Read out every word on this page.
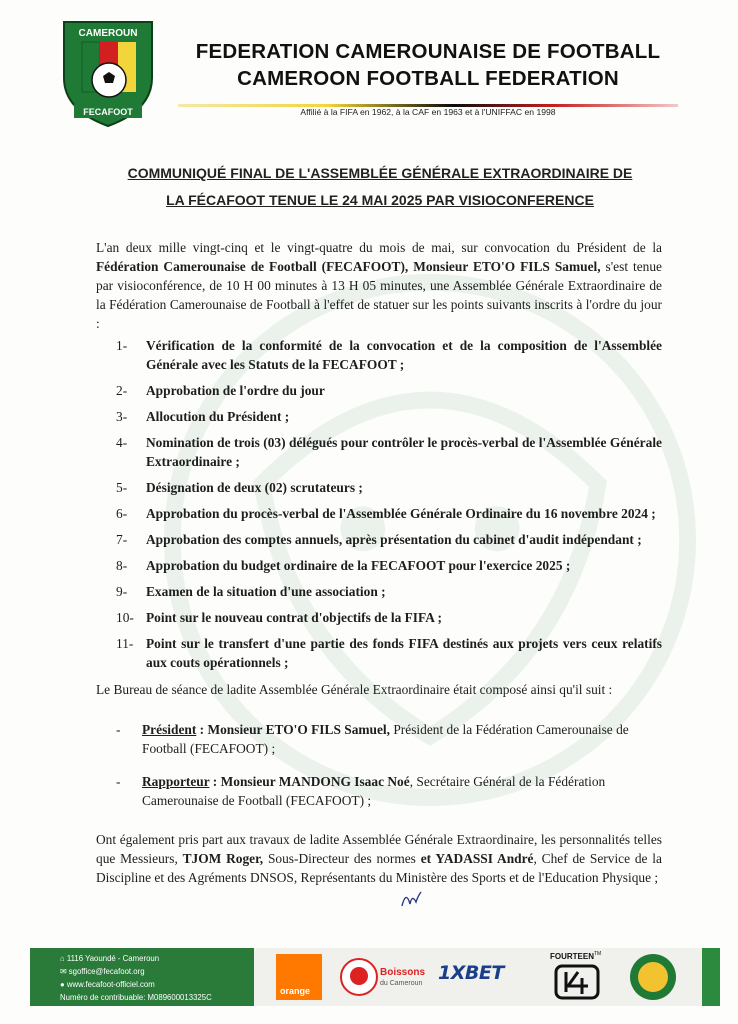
CAMEROUN
FECAFOOT
FEDERATION CAMEROUNAISE DE FOOTBALL
CAMEROON FOOTBALL FEDERATION
Affilié à la FIFA en 1962, à la CAF en 1963 et à l'UNIFFAC en 1998
COMMUNIQUÉ FINAL DE L'ASSEMBLÉE GÉNÉRALE EXTRAORDINAIRE DE
LA FÉCAFOOT TENUE LE 24 MAI 2025 PAR VISIOCONFERENCE

L'an deux mille vingt-cinq et le vingt-quatre du mois de mai, sur convocation du Président de la Fédération Camerounaise de Football (FECAFOOT), Monsieur ETO'O FILS Samuel, s'est tenue par visioconférence, de 10 H 00 minutes à 13 H 05 minutes, une Assemblée Générale Extraordinaire de la Fédération Camerounaise de Football à l'effet de statuer sur les points suivants inscrits à l'ordre du jour :

1-	Vérification de la conformité de la convocation et de la composition de l'Assemblée Générale avec les Statuts de la FECAFOOT ;
2-	Approbation de l'ordre du jour
3-	Allocution du Président ;
4-	Nomination de trois (03) délégués pour contrôler le procès-verbal de l'Assemblée Générale Extraordinaire ;
5-	Désignation de deux (02) scrutateurs ;
6-	Approbation du procès-verbal de l'Assemblée Générale Ordinaire du 16 novembre 2024 ;
7-	Approbation des comptes annuels, après présentation du cabinet d'audit indépendant ;
8-	Approbation du budget ordinaire de la FECAFOOT pour l'exercice 2025 ;
9-	Examen de la situation d'une association ;
10- Point sur le nouveau contrat d'objectifs de la FIFA ;
11- Point sur le transfert d'une partie des fonds FIFA destinés aux projets vers ceux relatifs aux couts opérationnels ;

Le Bureau de séance de ladite Assemblée Générale Extraordinaire était composé ainsi qu'il suit :

- Président : Monsieur ETO'O FILS Samuel, Président de la Fédération Camerounaise de Football (FECAFOOT) ;
- Rapporteur : Monsieur MANDONG Isaac Noé, Secrétaire Général de la Fédération Camerounaise de Football (FECAFOOT) ;

Ont également pris part aux travaux de ladite Assemblée Générale Extraordinaire, les personnalités telles que Messieurs, TJOM Roger, Sous-Directeur des normes et YADASSI André, Chef de Service de la Discipline et des Agréments DNSOS, Représentants du Ministère des Sports et de l'Education Physique ;

⌂ 1116 Yaoundé - Cameroun
✉ sgoffice@fecafoot.org
● www.fecafoot-officiel.com
Numéro de contribuable: M089600013325C
orange
Boissons
du Cameroun 1XBET
FOURTEEN TM
